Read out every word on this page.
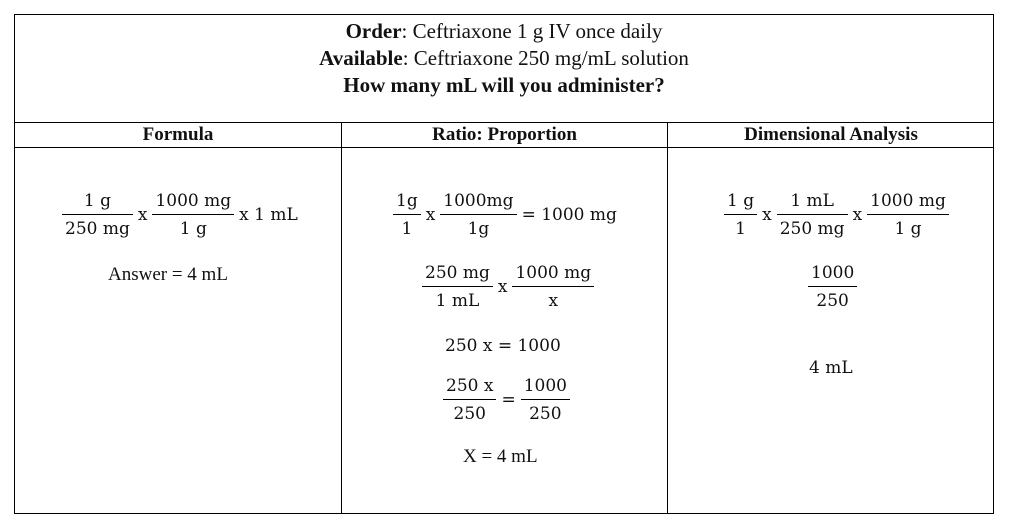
Order: Ceftriaxone 1 g IV once daily
Available: Ceftriaxone 250 mg/mL solution
How many mL will you administer?
Formula	Ratio: Proportion	Dimensional Analysis
$\frac{1 g}{250 mg}$ x $\frac{1000 mg}{1 g}$ x 1 mL
Answer = 4 mL
$\frac{1g}{1}$ x $\frac{1000mg}{1g} = 1000$ mg
$\frac{250 mg}{1 mL}$ x $\frac{1000 mg}{x}$
250 x = 1000
$\frac{250 x}{250} = \frac{1000}{250}$
X = 4 mL
$\frac{1 g}{1}$ x $\frac{1 mL}{250 mg}$ x $\frac{1000 mg}{1 g}$
$\frac{1000}{250}$
4 mL
